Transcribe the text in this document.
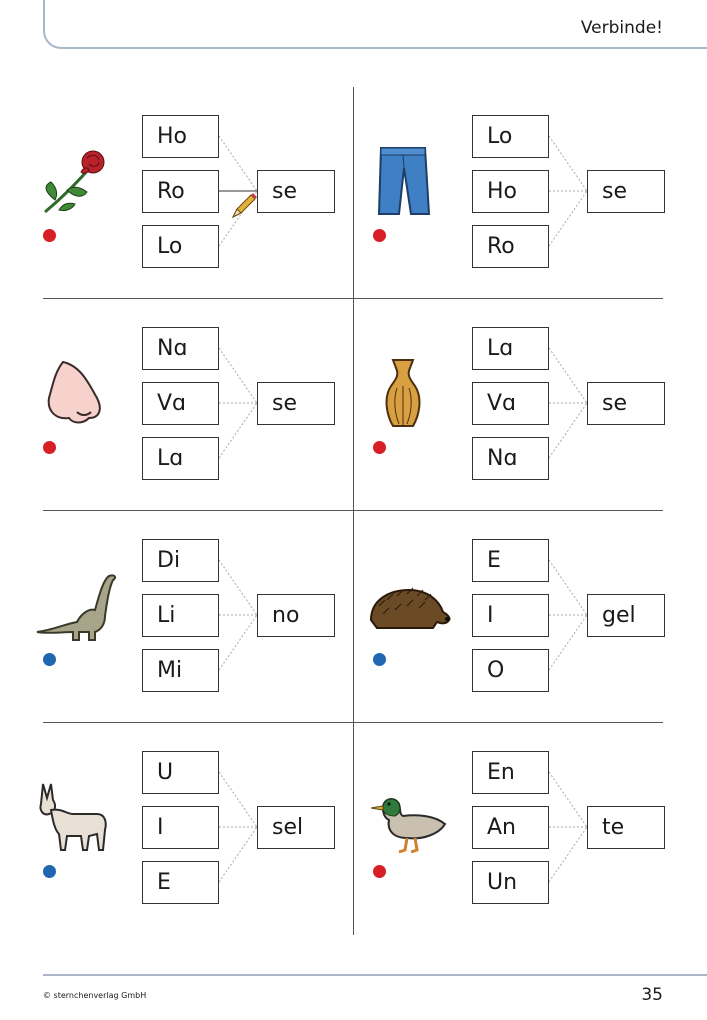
Verbinde!
Ho
Ro
Lo
se
Lo
Ho
Ro
se
Nɑ
Vɑ
Lɑ
se
Lɑ
Vɑ
Nɑ
se
Di
Li
Mi
no
E
I
O
gel
U
I
E
sel
En
An
Un
te
© sternchenverlag GmbH	35
